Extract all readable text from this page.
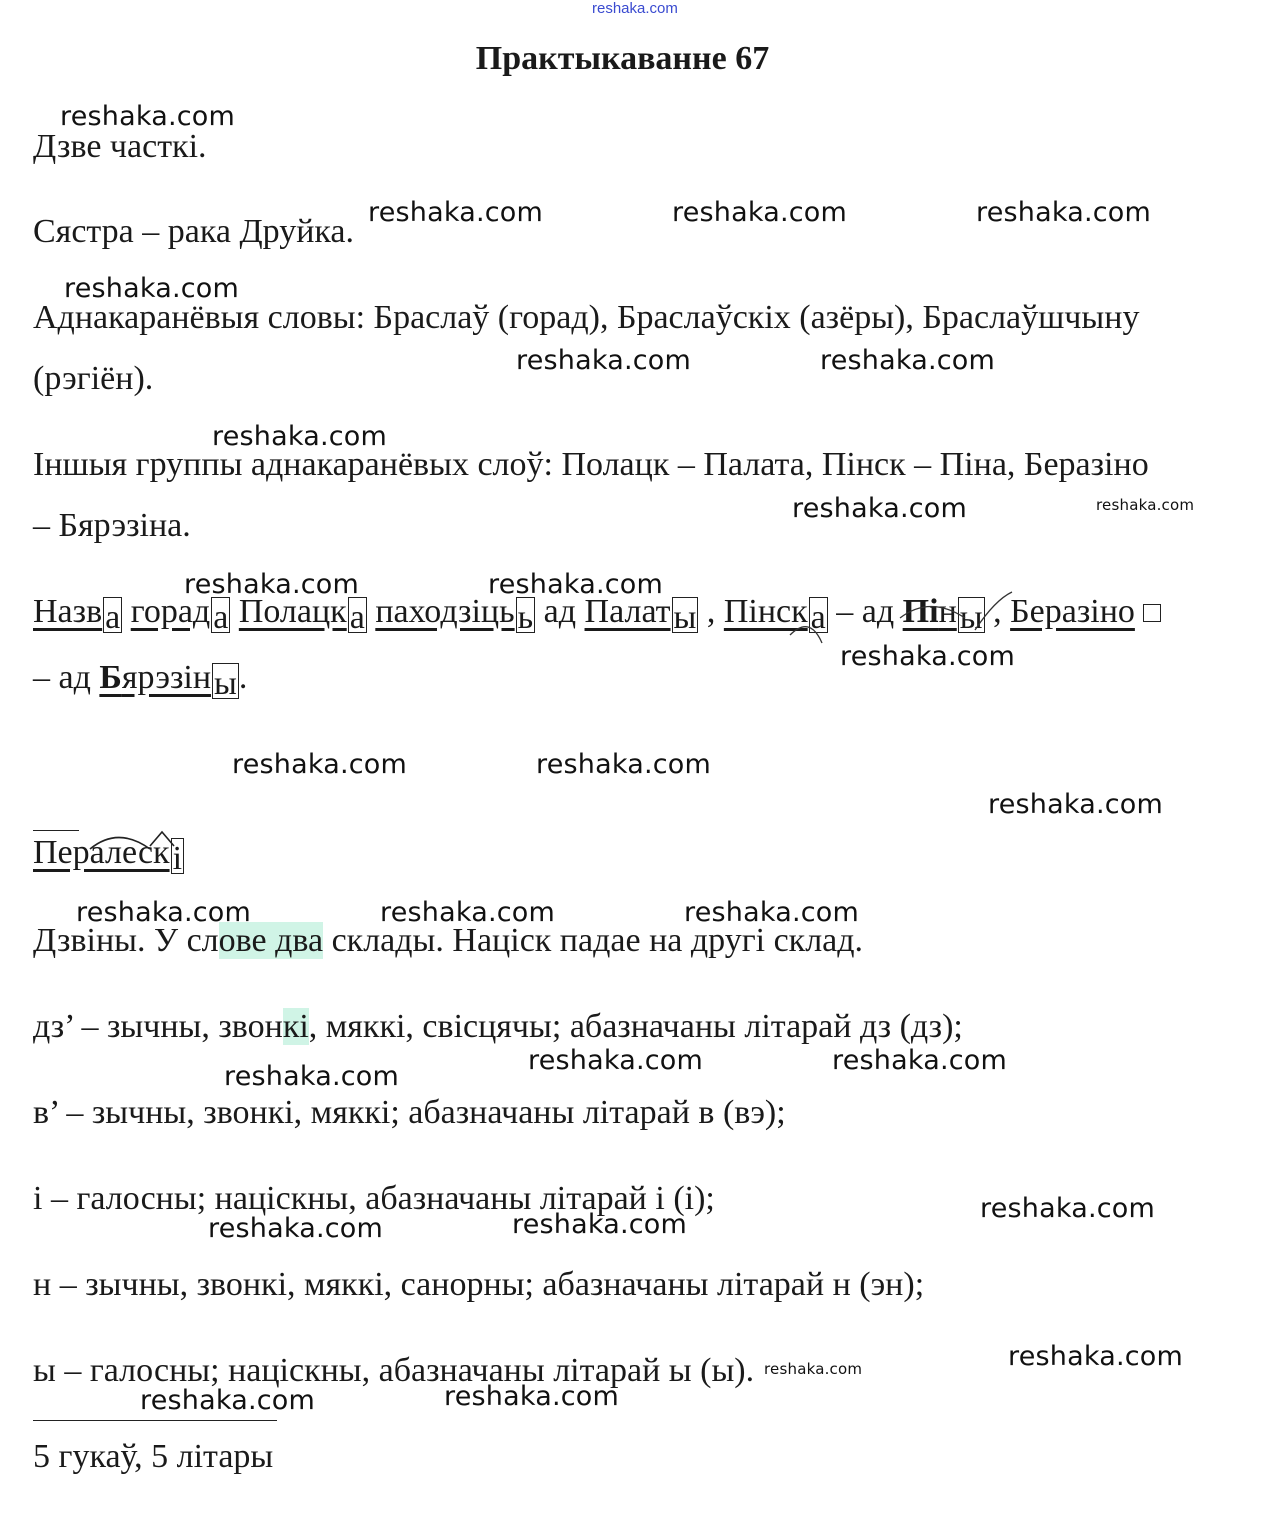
reshaka.com
Практыкаванне 67
Дзве часткі.
Сястра – рака Друйка.
Аднакаранёвыя словы: Браслаў (горад), Браслаўскіх (азёры), Браслаўшчыну
(рэгіён).
Іншыя группы аднакаранёвых слоў: Полацк – Палата, Пінск – Піна, Беразіно
– Бярэзіна.
Назва горада Полацка паходзіцьь ад Палаты , Пінска – ад Піны , Беразіно
– ад Бярэзіны.
Пералескі
Дзвіны. У слове два склады. Націск падае на другі склад.
дз’ – зычны, звонкі, мяккі, свісцячы; абазначаны літарай дз (дз);
в’ – зычны, звонкі, мяккі; абазначаны літарай в (вэ);
і – галосны; націскны, абазначаны літарай і (і);
н – зычны, звонкі, мяккі, санорны; абазначаны літарай н (эн);
ы – галосны; націскны, абазначаны літарай ы (ы).
5 гукаў, 5 літары
reshaka.com
reshaka.com	reshaka.com	reshaka.com
reshaka.com
reshaka.com	reshaka.com
reshaka.com
reshaka.com	reshaka.com
reshaka.com	reshaka.com
reshaka.com
reshaka.com	reshaka.com
reshaka.com
reshaka.com	reshaka.com	reshaka.com
reshaka.com	reshaka.com
reshaka.com
reshaka.com
reshaka.com
reshaka.com
reshaka.com
reshaka.com
reshaka.com
reshaka.com
